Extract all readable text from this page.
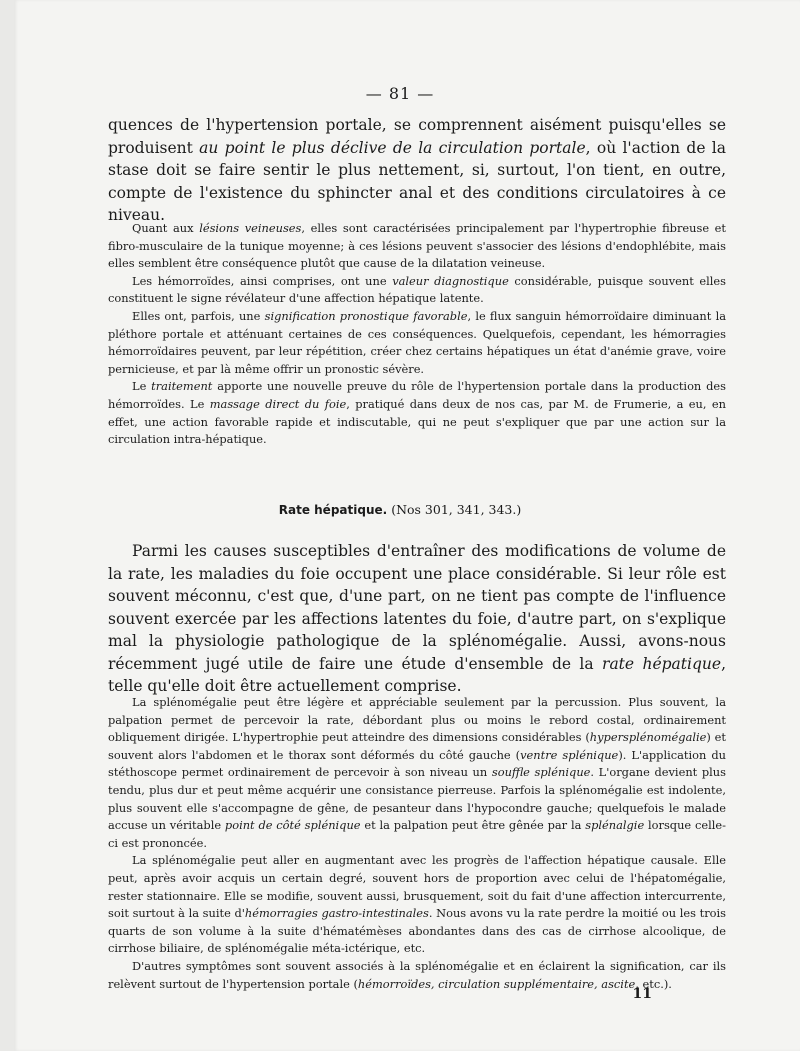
— 81 —

quences de l'hypertension portale, se comprennent aisément puisqu'elles se produisent au point le plus déclive de la circulation portale, où l'action de la stase doit se faire sentir le plus nettement, si, surtout, l'on tient, en outre, compte de l'existence du sphincter anal et des conditions circulatoires à ce niveau.

Quant aux lésions veineuses, elles sont caractérisées principalement par l'hypertrophie fibreuse et fibro-musculaire de la tunique moyenne; à ces lésions peuvent s'associer des lésions d'endophlébite, mais elles semblent être conséquence plutôt que cause de la dilatation veineuse.

Les hémorroïdes, ainsi comprises, ont une valeur diagnostique considérable, puisque souvent elles constituent le signe révélateur d'une affection hépatique latente.

Elles ont, parfois, une signification pronostique favorable, le flux sanguin hémorroïdaire diminuant la pléthore portale et atténuant certaines de ces conséquences. Quelquefois, cependant, les hémorragies hémorroïdaires peuvent, par leur répétition, créer chez certains hépatiques un état d'anémie grave, voire pernicieuse, et par là même offrir un pronostic sévère.

Le traitement apporte une nouvelle preuve du rôle de l'hypertension portale dans la production des hémorroïdes. Le massage direct du foie, pratiqué dans deux de nos cas, par M. de Frumerie, a eu, en effet, une action favorable rapide et indiscutable, qui ne peut s'expliquer que par une action sur la circulation intra-hépatique.

Rate hépatique. (Nos 301, 341, 343.)

Parmi les causes susceptibles d'entraîner des modifications de volume de la rate, les maladies du foie occupent une place considérable. Si leur rôle est souvent méconnu, c'est que, d'une part, on ne tient pas compte de l'influence souvent exercée par les affections latentes du foie, d'autre part, on s'explique mal la physiologie pathologique de la splénomégalie. Aussi, avons-nous récemment jugé utile de faire une étude d'ensemble de la rate hépatique, telle qu'elle doit être actuellement comprise.

La splénomégalie peut être légère et appréciable seulement par la percussion. Plus souvent, la palpation permet de percevoir la rate, débordant plus ou moins le rebord costal, ordinairement obliquement dirigée. L'hypertrophie peut atteindre des dimensions considérables (hypersplénomégalie) et souvent alors l'abdomen et le thorax sont déformés du côté gauche (ventre splénique). L'application du stéthoscope permet ordinairement de percevoir à son niveau un souffle splénique. L'organe devient plus tendu, plus dur et peut même acquérir une consistance pierreuse. Parfois la splénomégalie est indolente, plus souvent elle s'accompagne de gêne, de pesanteur dans l'hypocondre gauche; quelquefois le malade accuse un véritable point de côté splénique et la palpation peut être gênée par la splénalgie lorsque celle-ci est prononcée.

La splénomégalie peut aller en augmentant avec les progrès de l'affection hépatique causale. Elle peut, après avoir acquis un certain degré, souvent hors de proportion avec celui de l'hépatomégalie, rester stationnaire. Elle se modifie, souvent aussi, brusquement, soit du fait d'une affection intercurrente, soit surtout à la suite d'hémorragies gastro-intestinales. Nous avons vu la rate perdre la moitié ou les trois quarts de son volume à la suite d'hématémèses abondantes dans des cas de cirrhose alcoolique, de cirrhose biliaire, de splénomégalie méta-ictérique, etc.

D'autres symptômes sont souvent associés à la splénomégalie et en éclairent la signification, car ils relèvent surtout de l'hypertension portale (hémorroïdes, circulation supplémentaire, ascite, etc.).

11
